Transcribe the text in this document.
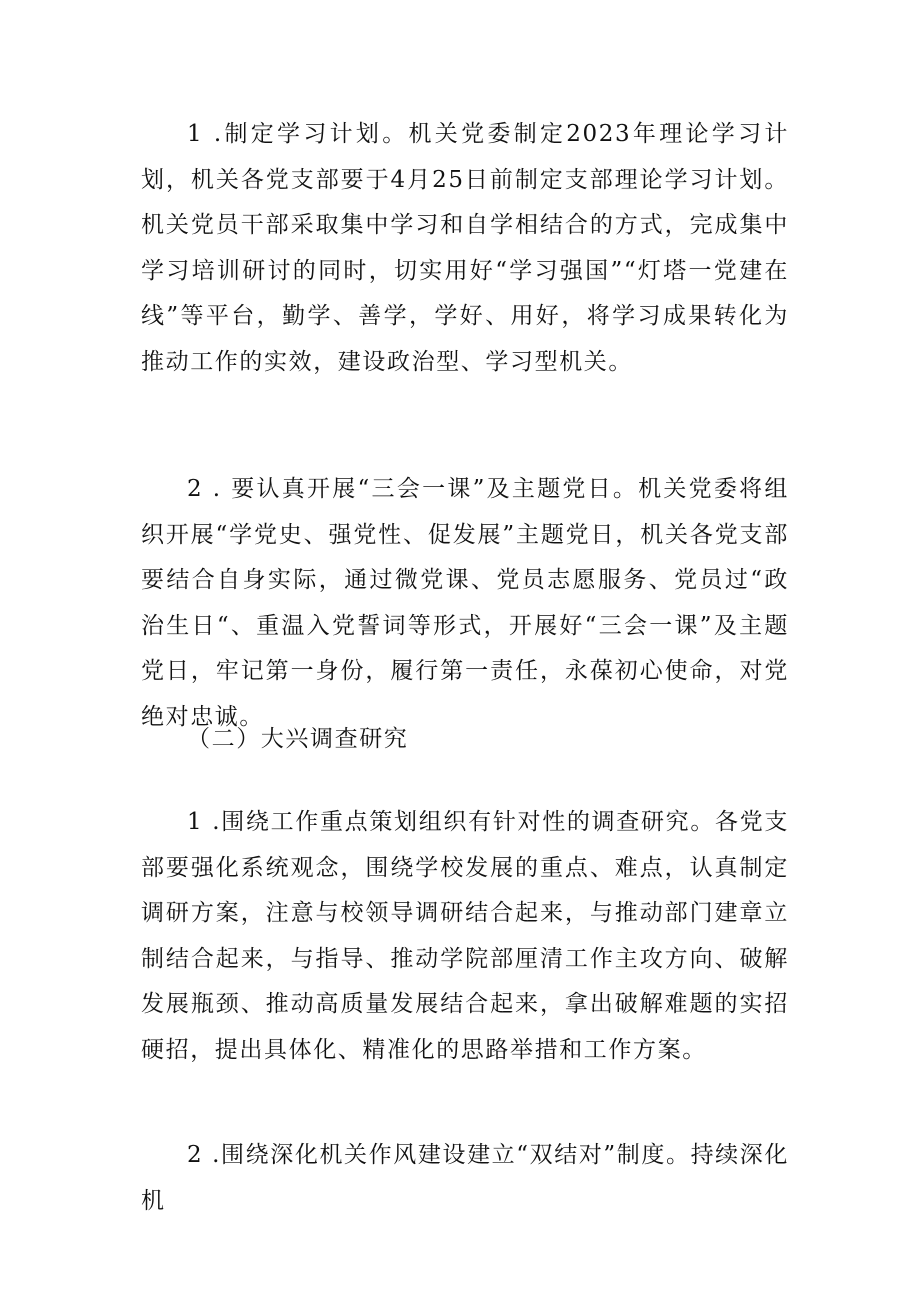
1 .制定学习计划。机关党委制定2023年理论学习计划，机关各党支部要于4月25日前制定支部理论学习计划。机关党员干部采取集中学习和自学相结合的方式，完成集中学习培训研讨的同时，切实用好“学习强国”“灯塔一党建在线”等平台，勤学、善学，学好、用好，将学习成果转化为推动工作的实效，建设政治型、学习型机关。

2 . 要认真开展“三会一课”及主题党日。机关党委将组织开展“学党史、强党性、促发展”主题党日，机关各党支部要结合自身实际，通过微党课、党员志愿服务、党员过“政治生日“、重温入党誓词等形式，开展好“三会一课”及主题党日，牢记第一身份，履行第一责任，永葆初心使命，对党绝对忠诚。

（二）大兴调查研究

1 .围绕工作重点策划组织有针对性的调查研究。各党支部要强化系统观念，围绕学校发展的重点、难点，认真制定调研方案，注意与校领导调研结合起来，与推动部门建章立制结合起来，与指导、推动学院部厘清工作主攻方向、破解发展瓶颈、推动高质量发展结合起来，拿出破解难题的实招硬招，提出具体化、精准化的思路举措和工作方案。

2 .围绕深化机关作风建设建立“双结对”制度。持续深化机
